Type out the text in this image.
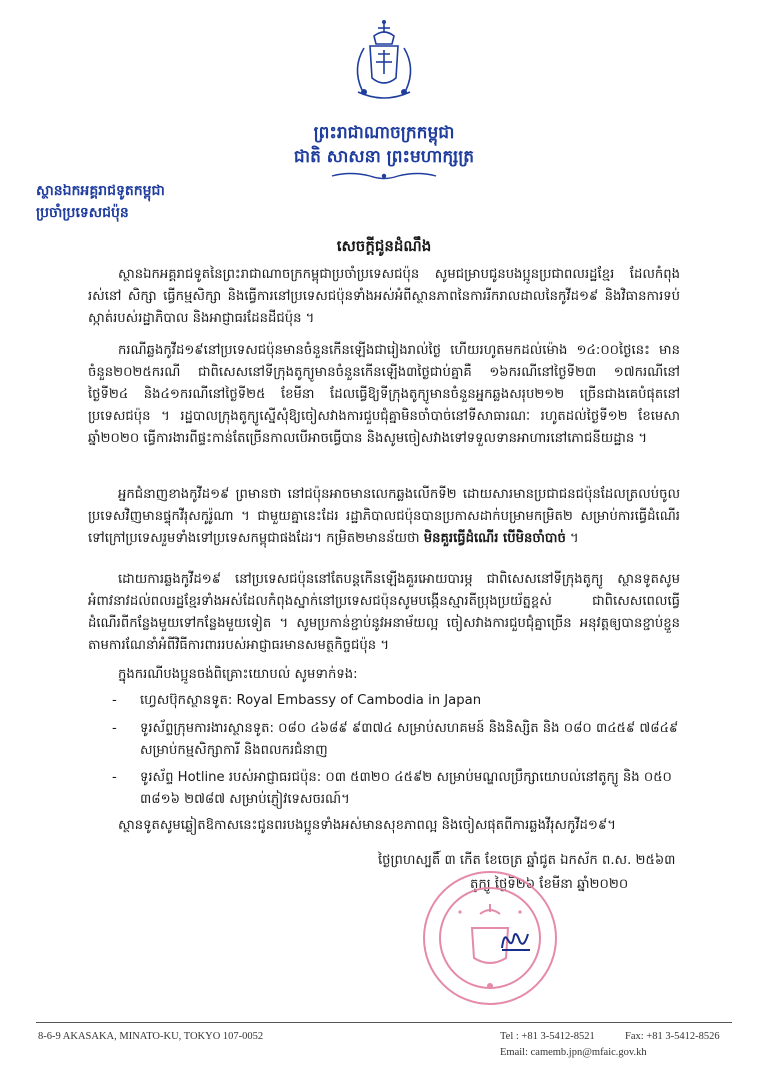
ព្រះរាជាណាចក្រកម្ពុជា
ជាតិ សាសនា ព្រះមហាក្សត្រ
ស្ថានឯកអគ្គរាជទូតកម្ពុជា
ប្រចាំប្រទេសជប៉ុន
សេចក្តីជូនដំណឹង

ស្ថានឯកអគ្គរាជទូតនៃព្រះរាជាណាចក្រកម្ពុជាប្រចាំប្រទេសជប៉ុន សូមជម្រាបជូនបងប្អូនប្រជាពលរដ្ឋខ្មែរ ដែលកំពុងរស់នៅ សិក្សា ធ្វើកម្មសិក្សា និងធ្វើការនៅប្រទេសជប៉ុនទាំងអស់អំពីស្ថានភាពនៃការរីករាលដាលនៃកូវីដ១៩ និងវិធានការទប់ស្កាត់របស់រដ្ឋាភិបាល និងអាជ្ញាធរដែនដីជប៉ុន ។

ករណីឆ្លងកូវីដ១៩នៅប្រទេសជប៉ុនមានចំនួនកើនឡើងជារៀងរាល់ថ្ងៃ ហើយរហូតមកដល់ម៉ោង ១៤:០០ថ្ងៃនេះ មានចំនួន២០២៥ករណី ជាពិសេសនៅទីក្រុងតូក្យូមានចំនួនកើនឡើង៣ថ្ងៃជាប់គ្នាគឺ ១៦ករណីនៅថ្ងៃទី២៣ ១៧ករណីនៅថ្ងៃទី២៤ និង៤១ករណីនៅថ្ងៃទី២៥ ខែមីនា ដែលធ្វើឱ្យទីក្រុងតូក្យូមានចំនួនអ្នកឆ្លងសរុប២១២ ច្រើនជាងគេបំផុតនៅប្រទេសជប៉ុន ។ រដ្ឋបាលក្រុងតូក្យូស្នើសុំឱ្យចៀសវាងការជួបជុំគ្នាមិនចាំបាច់នៅទីសាធារណៈ រហូតដល់ថ្ងៃទី១២ ខែមេសា ឆ្នាំ២០២០ ធ្វើការងារពីផ្ទះកាន់តែច្រើនកាលបើអាចធ្វើបាន និងសូមចៀសវាងទៅទទួលទានអាហារនៅភោជនីយដ្ឋាន ។

អ្នកជំនាញខាងកូវីដ១៩ ព្រមានថា នៅជប៉ុនអាចមានលេកឆ្លងលើកទី២ ដោយសារមានប្រជាជនជប៉ុនដែលត្រលប់ចូលប្រទេសវិញមានផ្ទុកវីរុសកូរ៉ូណា ។ ជាមួយគ្នានេះដែរ រដ្ឋាភិបាលជប៉ុនបានប្រកាសដាក់បម្រាមកម្រិត២ សម្រាប់ការធ្វើដំណើរទៅក្រៅប្រទេសរួមទាំងទៅប្រទេសកម្ពុជាផងដែរ។ កម្រិត២មានន័យថា មិនគួរធ្វើដំណើរ បើមិនចាំបាច់ ។

ដោយការឆ្លងកូវីដ១៩ នៅប្រទេសជប៉ុននៅតែបន្តកើនឡើងគួរអោយបារម្ភ ជាពិសេសនៅទីក្រុងតូក្យូ ស្ថានទូតសូមអំពាវនាវដល់ពលរដ្ឋខ្មែរទាំងអស់ដែលកំពុងស្នាក់នៅប្រទេសជប៉ុនសូមបង្កើនស្មារតីប្រុងប្រយ័ត្នខ្ពស់ ជាពិសេសពេលធ្វើដំណើរពីកន្លែងមួយទៅកន្លែងមួយទៀត ។ សូមប្រកាន់ខ្ជាប់នូវអនាម័យល្អ ចៀសវាងការជួបជុំគ្នាច្រើន អនុវត្តឲ្យបានខ្ជាប់ខ្ជួនតាមការណែនាំអំពីវិធីការពាររបស់អាជ្ញាធរមានសមត្ថកិច្ចជប៉ុន ។

ក្នុងករណីបងប្អូនចង់ពិគ្រោះយោបល់ សូមទាក់ទង:

-	ហ្វេសប៊ុកស្ថានទូត: Royal Embassy of Cambodia in Japan
-	ទូរស័ព្ទក្រុមការងារស្ថានទូត: ០៨០ ៤៦៨៩ ៩៣៧៤ សម្រាប់សហគមន៍ និងនិស្សិត និង ០៨០ ៣៤៥៩ ៧៨៤៩ សម្រាប់កម្មសិក្សាការី និងពលករជំនាញ
-	ទូរស័ព្ទ Hotline របស់អាជ្ញាធរជប៉ុន: ០៣ ៥៣២០ ៤៥៩២ សម្រាប់មណ្ឌលប្រឹក្សាយោបល់នៅតូក្យូ និង ០៥០ ៣៨១៦ ២៧៨៧ សម្រាប់ភ្ញៀវទេសចរណ៍។
ស្ថានទូតសូមឆ្លៀតឱកាសនេះជូនពរបងប្អូនទាំងអស់មានសុខភាពល្អ និងចៀសផុតពីការឆ្លងវីរុសកូវីដ១៩។
ថ្ងៃព្រហស្បតិ៍ ៣ កើត ខែចេត្រ ឆ្នាំជូត ឯកស័ក ព.ស. ២៥៦៣
តូក្យូ ថ្ងៃទី២៦ ខែមីនា ឆ្នាំ២០២០
8-6-9 AKASAKA, MINATO-KU, TOKYO 107-0052	Tel : +81 3-5412-8521	Fax: +81 3-5412-8526
Email: camemb.jpn@mfaic.gov.kh
